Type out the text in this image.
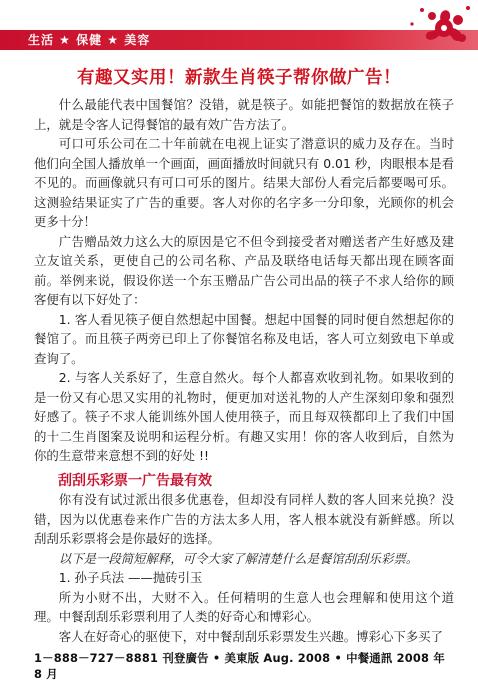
生活 ★ 保健 ★ 美容
有趣又实用！新款生肖筷子帮你做广告！

什么最能代表中国餐馆？没错，就是筷子。如能把餐馆的数据放在筷子上，就是令客人记得餐馆的最有效广告方法了。

可口可乐公司在二十年前就在电视上证实了潜意识的威力及存在。当时他们向全国人播放单一个画面，画面播放时间就只有 0.01 秒，肉眼根本是看不见的。而画像就只有可口可乐的图片。结果大部份人看完后都要喝可乐。这测验结果证实了广告的重要。客人对你的名字多一分印象，光顾你的机会更多十分！

广告赠品效力这么大的原因是它不但令到接受者对赠送者产生好感及建立友谊关系，更使自己的公司名称、产品及联络电话每天都出现在顾客面前。举例来说，假设你送一个东玉赠品广告公司出品的筷子不求人给你的顾客便有以下好处了：

1. 客人看见筷子便自然想起中国餐。想起中国餐的同时便自然想起你的餐馆了。而且筷子两旁已印上了你餐馆名称及电话，客人可立刻致电下单或查询了。

2. 与客人关系好了，生意自然火。每个人都喜欢收到礼物。如果收到的是一份又有心思又实用的礼物时，便更加对送礼物的人产生深刻印象和强烈好感了。筷子不求人能训练外国人使用筷子，而且每双筷都印上了我们中国的十二生肖图案及说明和运程分析。有趣又实用！你的客人收到后，自然为你的生意带来意想不到的好处 !!

刮刮乐彩票一广告最有效

你有没有试过派出很多优惠卷，但却没有同样人数的客人回来兑换？没错，因为以优惠卷来作广告的方法太多人用，客人根本就没有新鲜感。所以刮刮乐彩票将会是你最好的选择。

以下是一段简短解释，可令大家了解清楚什么是餐馆刮刮乐彩票。

1. 孙子兵法 ——抛砖引玉

所为小财不出，大财不入。任何精明的生意人也会理解和使用这个道理。中餐刮刮乐彩票利用了人类的好奇心和博彩心。

客人在好奇心的驱使下，对中餐刮刮乐彩票发生兴趣。博彩心下多买了

1－888－727－8881 刊登廣告 • 美東版 Aug. 2008 • 中餐通訊 2008 年 8 月
